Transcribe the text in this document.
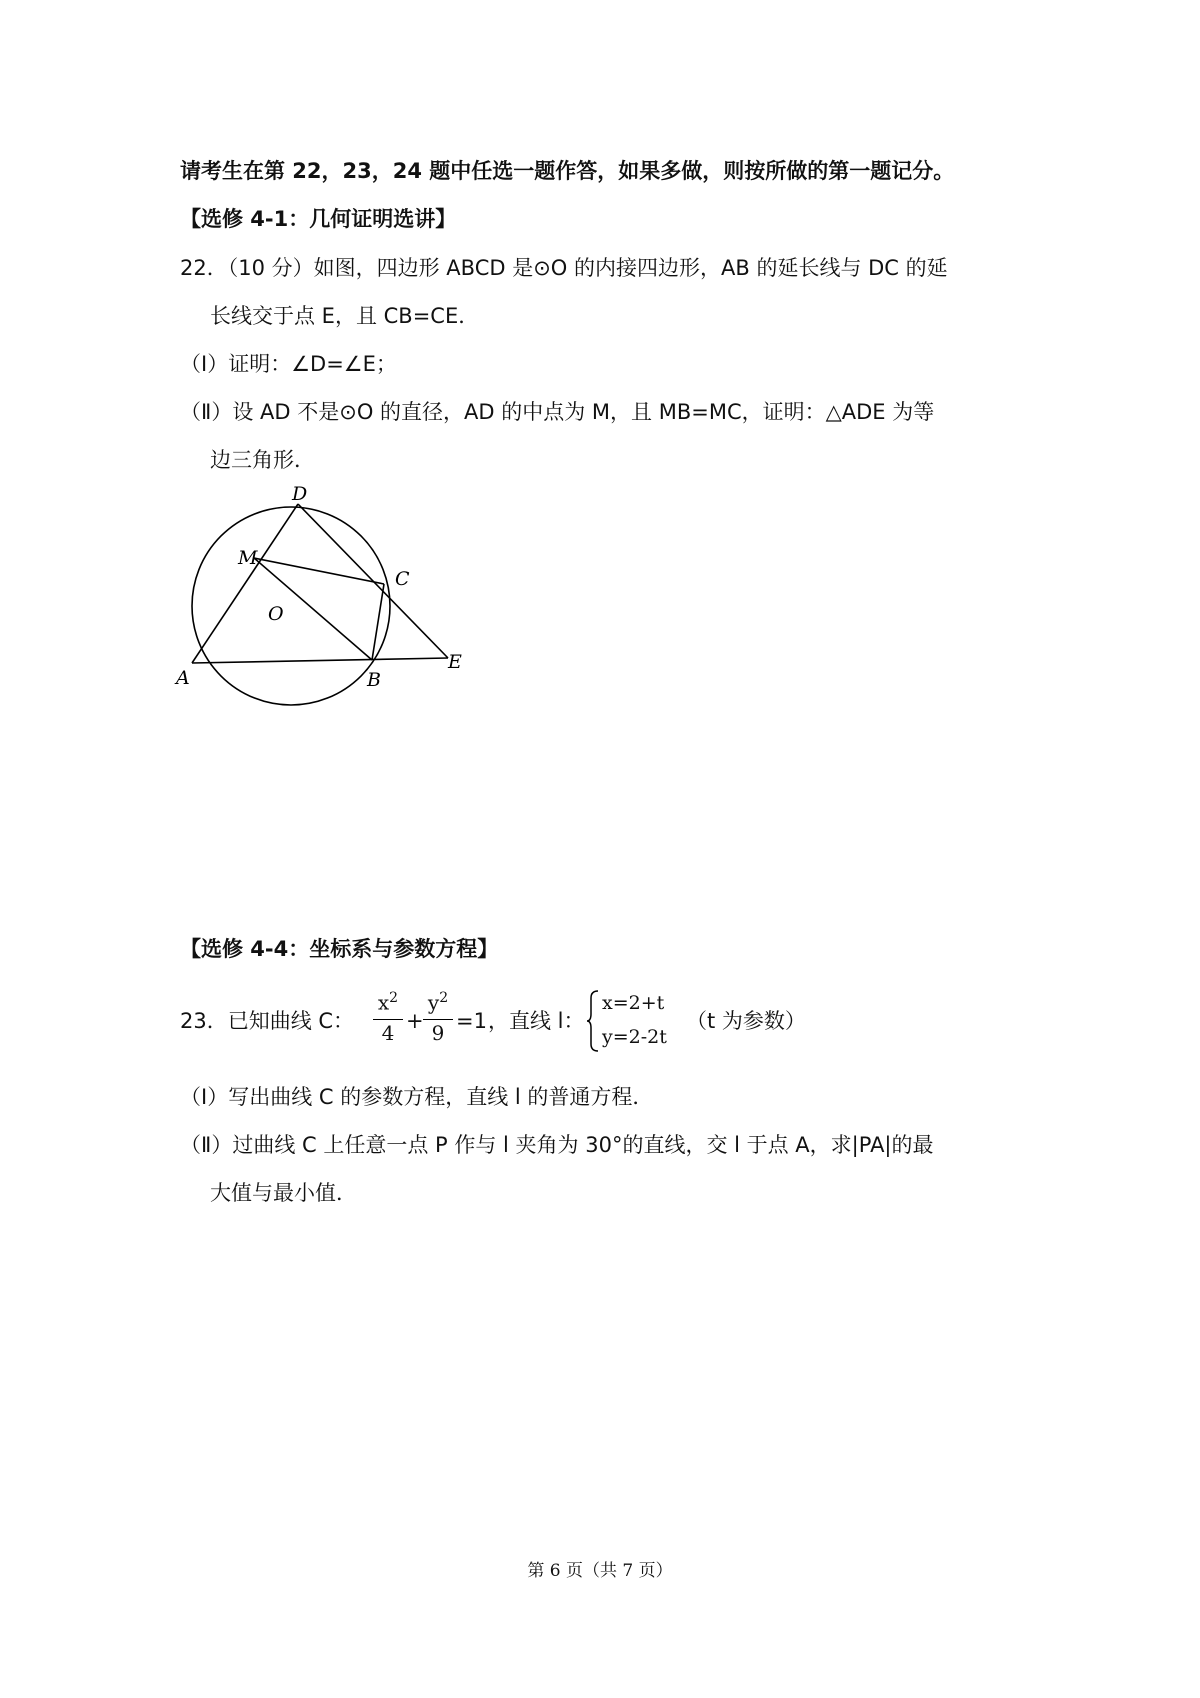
请考生在第 22，23，24 题中任选一题作答，如果多做，则按所做的第一题记分。
【选修 4-1：几何证明选讲】
22．（10 分）如图，四边形 ABCD 是⊙O 的内接四边形，AB 的延长线与 DC 的延
长线交于点 E，且 CB=CE．
（Ⅰ）证明：∠D=∠E；
（Ⅱ）设 AD 不是⊙O 的直径，AD 的中点为 M，且 MB=MC，证明：△ADE 为等
边三角形．
D
C
M
O
A	B
E
【选修 4-4：坐标系与参数方程】
23．已知曲线 C：
$x^2$
4 +
$y^2$
9 =1 ，直线 l：
x=2+t
y=2-2t
（t 为参数）
（Ⅰ）写出曲线 C 的参数方程，直线 l 的普通方程．
（Ⅱ）过曲线 C 上任意一点 P 作与 l 夹角为 30°的直线，交 l 于点 A，求|PA|的最
大值与最小值．
第 6 页（共 7 页）
